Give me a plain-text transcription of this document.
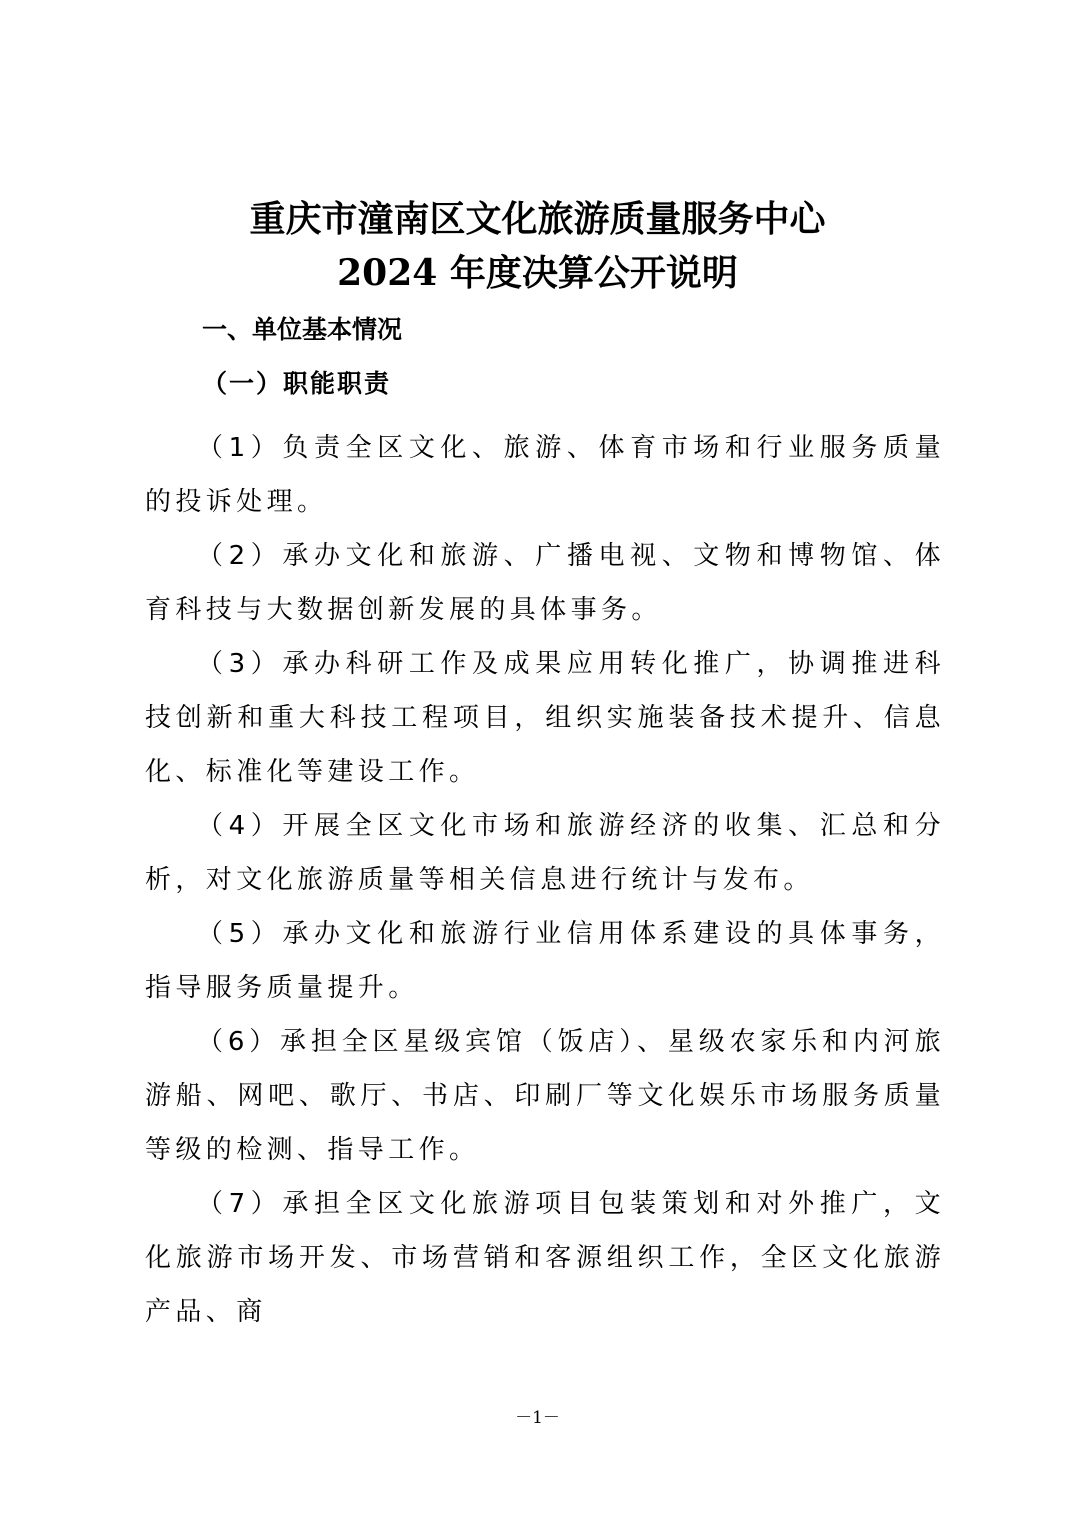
重庆市潼南区文化旅游质量服务中心
2024 年度决算公开说明
一、单位基本情况
（一）职能职责

（1）负责全区文化、旅游、体育市场和行业服务质量的投诉处理。

（2）承办文化和旅游、广播电视、文物和博物馆、体育科技与大数据创新发展的具体事务。

（3）承办科研工作及成果应用转化推广，协调推进科技创新和重大科技工程项目，组织实施装备技术提升、信息化、标准化等建设工作。

（4）开展全区文化市场和旅游经济的收集、汇总和分析，对文化旅游质量等相关信息进行统计与发布。

（5）承办文化和旅游行业信用体系建设的具体事务，指导服务质量提升。

（6）承担全区星级宾馆（饭店）、星级农家乐和内河旅游船、网吧、歌厅、书店、印刷厂等文化娱乐市场服务质量等级的检测、指导工作。

（7）承担全区文化旅游项目包装策划和对外推广，文化旅游市场开发、市场营销和客源组织工作，全区文化旅游产品、商

－1－
